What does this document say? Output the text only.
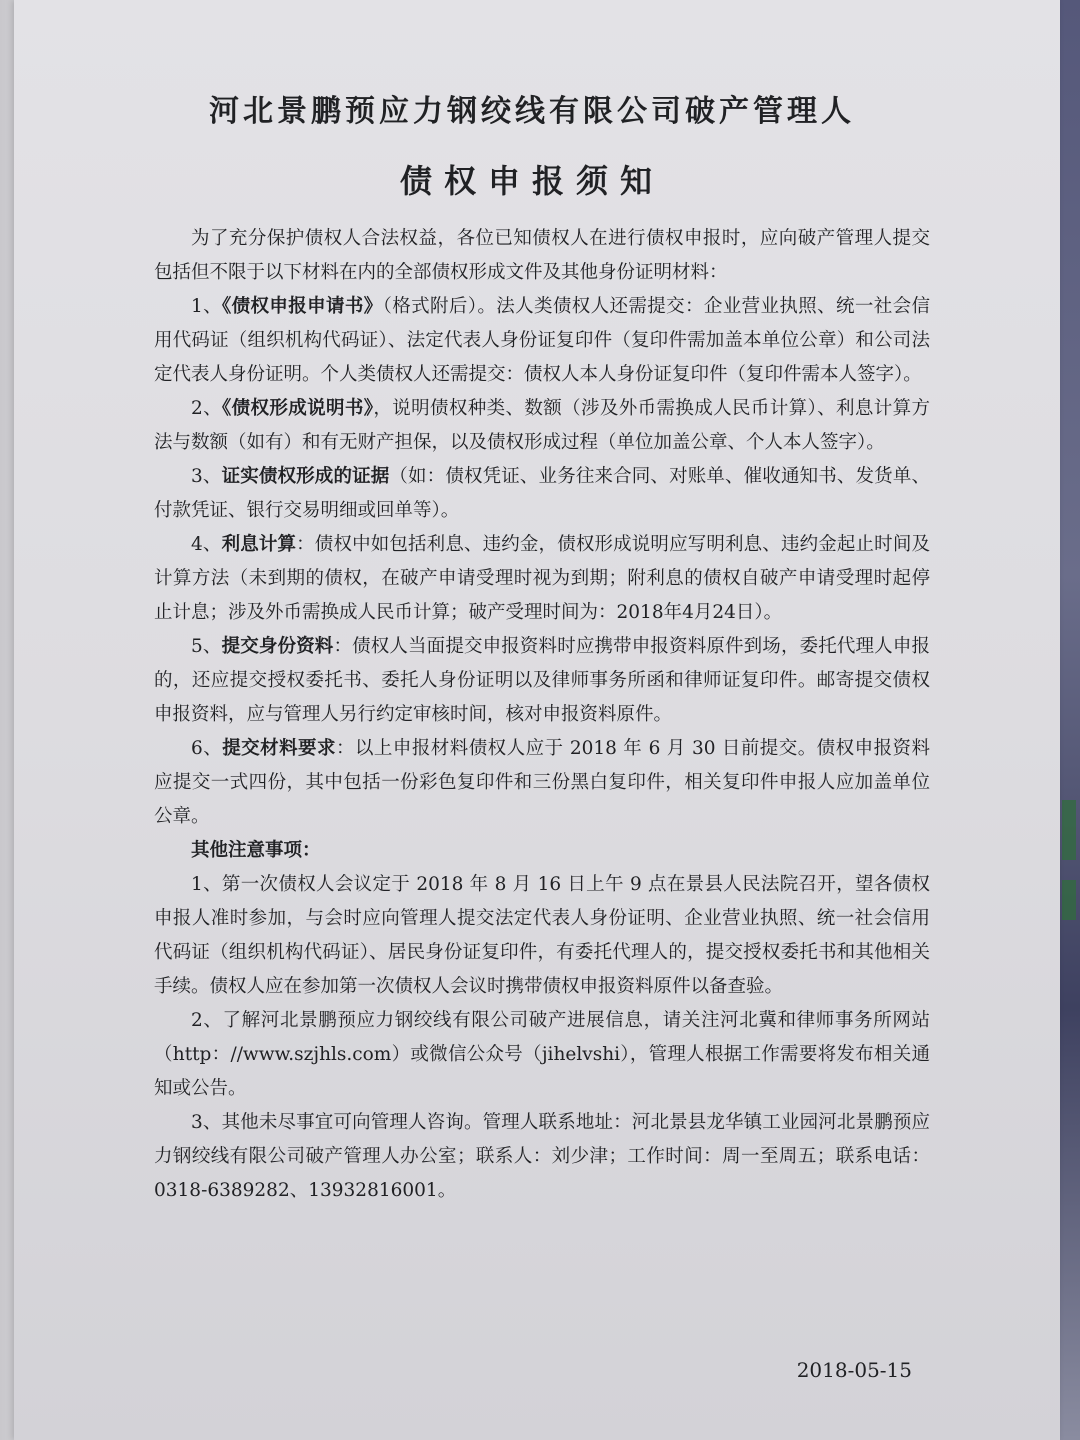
河北景鹏预应力钢绞线有限公司破产管理人
债权申报须知

为了充分保护债权人合法权益，各位已知债权人在进行债权申报时，应向破产管理人提交包括但不限于以下材料在内的全部债权形成文件及其他身份证明材料：

1、《债权申报申请书》（格式附后）。法人类债权人还需提交：企业营业执照、统一社会信用代码证（组织机构代码证）、法定代表人身份证复印件（复印件需加盖本单位公章）和公司法定代表人身份证明。个人类债权人还需提交：债权人本人身份证复印件（复印件需本人签字）。

2、《债权形成说明书》，说明债权种类、数额（涉及外币需换成人民币计算）、利息计算方法与数额（如有）和有无财产担保，以及债权形成过程（单位加盖公章、个人本人签字）。

3、证实债权形成的证据（如：债权凭证、业务往来合同、对账单、催收通知书、发货单、付款凭证、银行交易明细或回单等）。

4、利息计算：债权中如包括利息、违约金，债权形成说明应写明利息、违约金起止时间及计算方法（未到期的债权，在破产申请受理时视为到期；附利息的债权自破产申请受理时起停止计息；涉及外币需换成人民币计算；破产受理时间为：2018年4月24日）。

5、提交身份资料：债权人当面提交申报资料时应携带申报资料原件到场，委托代理人申报的，还应提交授权委托书、委托人身份证明以及律师事务所函和律师证复印件。邮寄提交债权申报资料，应与管理人另行约定审核时间，核对申报资料原件。

6、提交材料要求：以上申报材料债权人应于 2018 年 6 月 30 日前提交。债权申报资料应提交一式四份，其中包括一份彩色复印件和三份黑白复印件，相关复印件申报人应加盖单位公章。

其他注意事项：

1、第一次债权人会议定于 2018 年 8 月 16 日上午 9 点在景县人民法院召开，望各债权申报人准时参加，与会时应向管理人提交法定代表人身份证明、企业营业执照、统一社会信用代码证（组织机构代码证）、居民身份证复印件，有委托代理人的，提交授权委托书和其他相关手续。债权人应在参加第一次债权人会议时携带债权申报资料原件以备查验。

2、了解河北景鹏预应力钢绞线有限公司破产进展信息，请关注河北冀和律师事务所网站（http：//www.szjhls.com）或微信公众号（jihelvshi），管理人根据工作需要将发布相关通知或公告。

3、其他未尽事宜可向管理人咨询。管理人联系地址：河北景县龙华镇工业园河北景鹏预应力钢绞线有限公司破产管理人办公室；联系人：刘少津；工作时间：周一至周五；联系电话：0318-6389282、13932816001。

2018-05-15
